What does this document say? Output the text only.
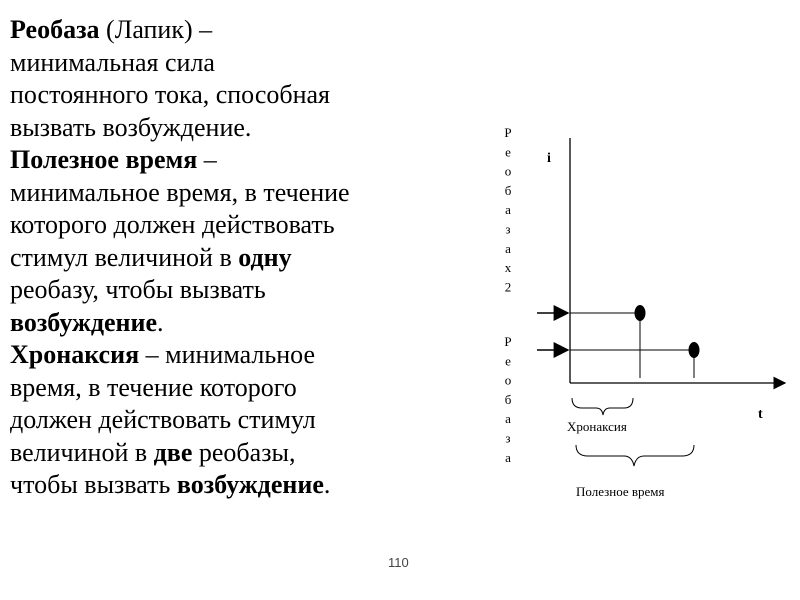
Реобаза (Лапик) –
минимальная сила
постоянного тока, способная
вызвать возбуждение.
Полезное время –
минимальное время, в течение
которого должен действовать
стимул величиной в одну
реобазу, чтобы вызвать
возбуждение.
Хронаксия – минимальное
время, в течение которого
должен действовать стимул
величиной в две реобазы,
чтобы вызвать возбуждение.
i
t
Р
е
о
б
а
з
а
х
2
Р
е
о
б
а
з
а
Хронаксия
Полезное время
110
